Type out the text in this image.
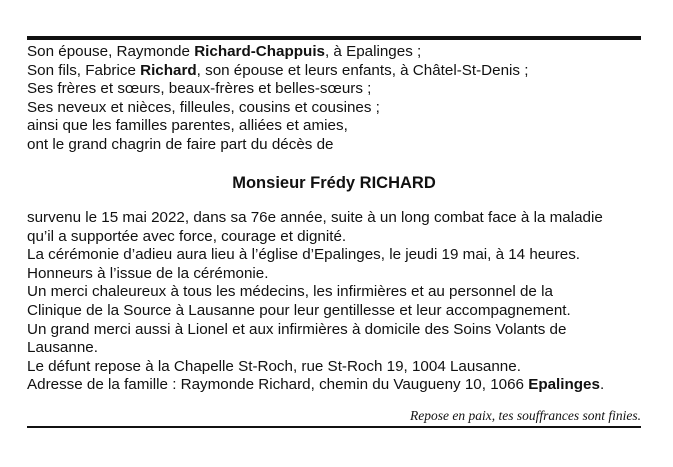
Son épouse, Raymonde Richard-Chappuis, à Epalinges ;

Son fils, Fabrice Richard, son épouse et leurs enfants, à Châtel-St-Denis ;

Ses frères et sœurs, beaux-frères et belles-sœurs ;

Ses neveux et nièces, filleules, cousins et cousines ;

ainsi que les familles parentes, alliées et amies,

ont le grand chagrin de faire part du décès de

Monsieur Frédy RICHARD

survenu le 15 mai 2022, dans sa 76e année, suite à un long combat face à la maladie

qu’il a supportée avec force, courage et dignité.

La cérémonie d’adieu aura lieu à l’église d’Epalinges, le jeudi 19 mai, à 14 heures.

Honneurs à l’issue de la cérémonie.

Un merci chaleureux à tous les médecins, les infirmières et au personnel de la

Clinique de la Source à Lausanne pour leur gentillesse et leur accompagnement.

Un grand merci aussi à Lionel et aux infirmières à domicile des Soins Volants de

Lausanne.

Le défunt repose à la Chapelle St-Roch, rue St-Roch 19, 1004 Lausanne.

Adresse de la famille : Raymonde Richard, chemin du Vaugueny 10, 1066 Epalinges.

Repose en paix, tes souffrances sont finies.
